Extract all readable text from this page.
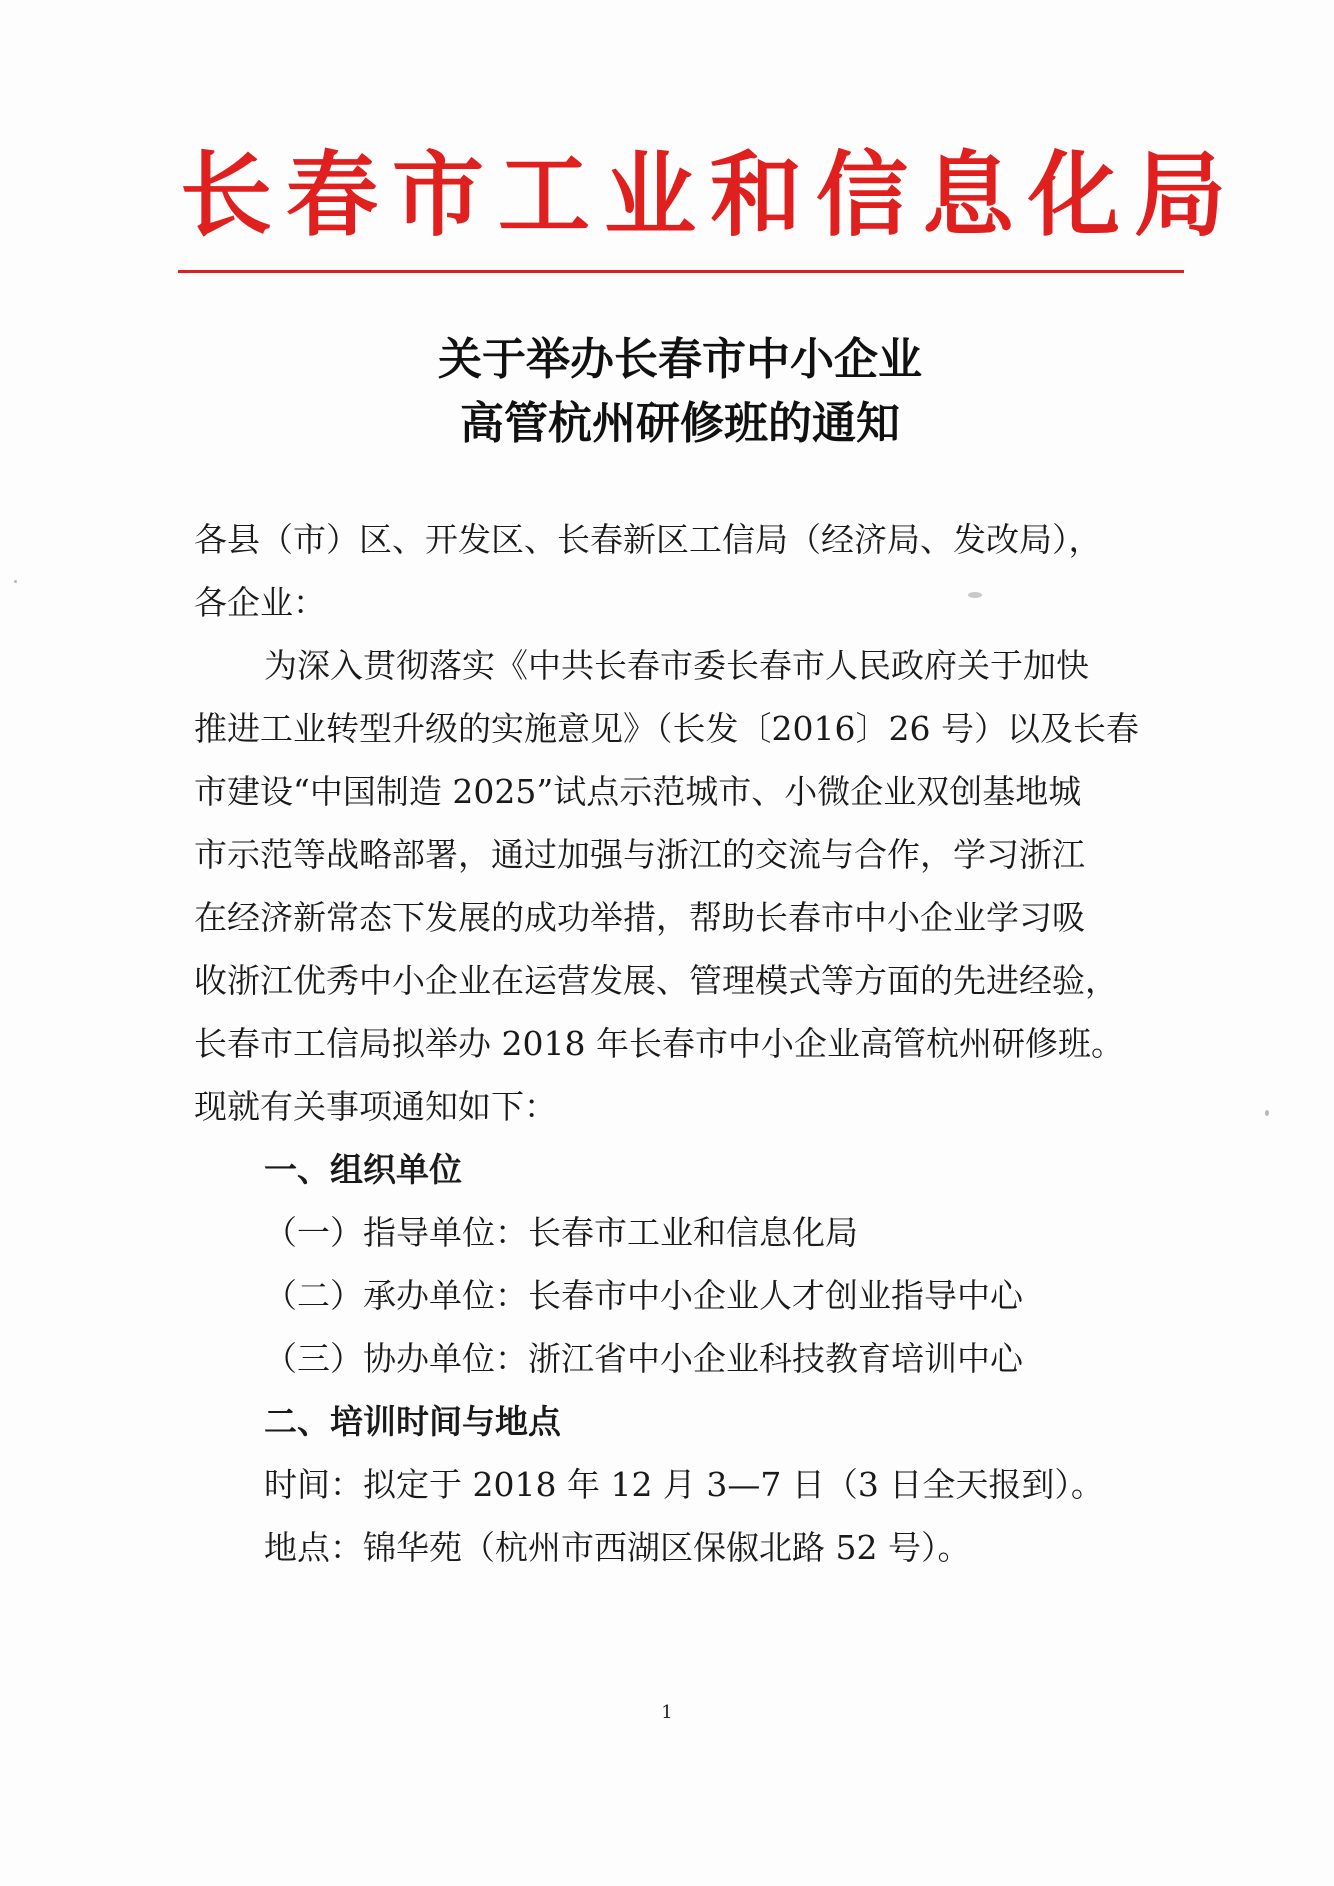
长春市工业和信息化局
关于举办长春市中小企业
高管杭州研修班的通知
各县（市）区、开发区、长春新区工信局（经济局、发改局），
各企业：
为深入贯彻落实《中共长春市委长春市人民政府关于加快
推进工业转型升级的实施意见》（长发〔2016〕26 号）以及长春
市建设“中国制造 2025”试点示范城市、小微企业双创基地城
市示范等战略部署，通过加强与浙江的交流与合作，学习浙江
在经济新常态下发展的成功举措，帮助长春市中小企业学习吸
收浙江优秀中小企业在运营发展、管理模式等方面的先进经验，
长春市工信局拟举办 2018 年长春市中小企业高管杭州研修班。
现就有关事项通知如下：
一、组织单位
（一）指导单位：长春市工业和信息化局
（二）承办单位：长春市中小企业人才创业指导中心
（三）协办单位：浙江省中小企业科技教育培训中心
二、培训时间与地点
时间：拟定于 2018 年 12 月 3—7 日（3 日全天报到）。
地点：锦华苑（杭州市西湖区保俶北路 52 号）。
1
